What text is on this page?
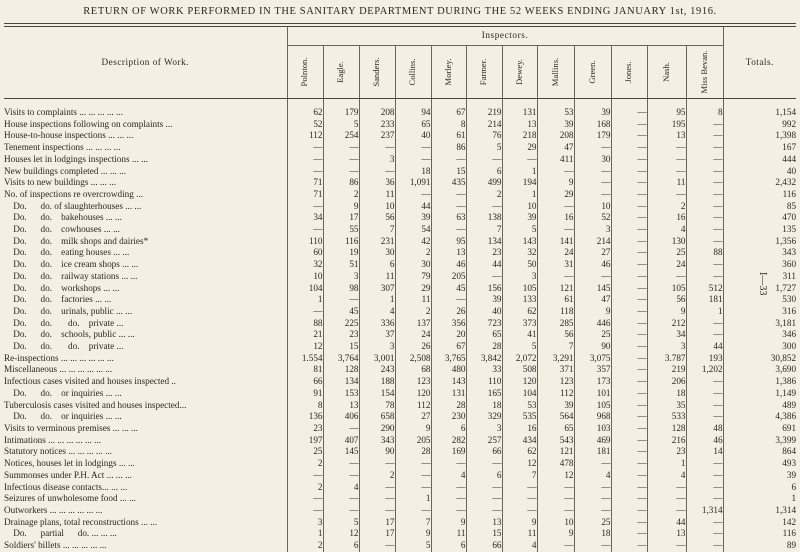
RETURN OF WORK PERFORMED IN THE SANITARY DEPARTMENT DURING THE 52 WEEKS ENDING JANUARY 1st, 1916.
Description of Work.	Inspectors.												Totals.

	Polnton.	Eagle.	Sanders.	Collins.	Morley.	Farmer.	Dewey.	Mallins.	Green.	Jones.	Nash.	Miss Bevan.	

Visits to complaints ... ... ... ... ...	62	179	208	94	67	219	131	53	39	—	95	8	1,154
House inspections following on complaints ...	52	5	233	65	8	214	13	39	168	—	195	—	992
House-to-house inspections ... ... ...	112	254	237	40	61	76	218	208	179	—	13	—	1,398
Tenement inspections ... ... ... ...	—	—	—	—	86	5	29	47	—	—	—	—	167
Houses let in lodgings inspections ... ...	—	—	3	—	—	—	—	411	30	—	—	—	444
New buildings completed ... ... ...	—	—	—	18	15	6	1	—	—	—	—	—	40
Visits to new buildings ... ... ...	71	86	36	1,091	435	499	194	9	—	—	11	—	2,432
No. of inspections re overcrowding ...	71	2	11	—	—	2	1	29	—	—	—	—	116
Do.      do. of slaughterhouses ... ...	—	9	10	44	—	—	10	—	10	—	2	—	85
Do.      do.    bakehouses ... ...	34	17	56	39	63	138	39	16	52	—	16	—	470
Do.      do.    cowhouses ... ...	—	55	7	54	—	7	5	—	3	—	4	—	135
Do.      do.    milk shops and dairies*	110	116	231	42	95	134	143	141	214	—	130	—	1,356
Do.      do.    eating houses ... ...	60	19	30	2	13	23	32	24	27	—	25	88	343
Do.      do.    ice cream shops ... ...	32	51	6	30	46	44	50	31	46	—	24	—	360
Do.      do.    railway stations ... ...	10	3	11	79	205	—	3	—	—	—	—	—	311
Do.      do.    workshops ... ...	104	98	307	29	45	156	105	121	145	—	105	512	1,727
Do.      do.    factories ... ...	1	—	1	11	—	39	133	61	47	—	56	181	530
Do.      do.    urinals, public ... ...	—	45	4	2	26	40	62	118	9	—	9	1	316
Do.      do.       do.    private ...	88	225	336	137	356	723	373	285	446	—	212	—	3,181
Do.      do.    schools, public ... ...	21	23	37	24	20	65	41	56	25	—	34	—	346
Do.      do.       do.    private ...	12	15	3	26	67	28	5	7	90	—	3	44	300
Re-inspections ... ... ... ... ... ...	1.554	3,764	3,001	2,508	3,765	3,842	2,072	3,291	3,075	—	3.787	193	30,852
Miscellaneous ... ... ... ... ... ...	81	128	243	68	480	33	508	371	357	—	219	1,202	3,690
Infectious cases visited and houses inspected ..	66	134	188	123	143	110	120	123	173	—	206	—	1,386
Do.      do.    or inquiries ... ...	91	153	154	120	131	165	104	112	101	—	18	—	1,149
Tuberculosis cases visited and houses inspected...	8	13	78	112	28	18	53	39	105	—	35	—	489
Do.      do.    or inquiries ... ...	136	406	658	27	230	329	535	564	968	—	533	—	4,386
Visits to verminous premises ... ... ...	23	—	290	9	6	3	16	65	103	—	128	48	691
Intimations ... ... ... ... ... ...	197	407	343	205	282	257	434	543	469	—	216	46	3,399
Statutory notices ... ... ... ... ...	25	145	90	28	169	66	62	121	181	—	23	14	864
Notices, houses let in lodgings ... ...	2	—	—	—	—	—	12	478	—	—	1	—	493
Summonses under P.H. Act ... ... ...	—	—	2	—	4	6	7	12	4	—	4	—	39
Infectious disease contacts... ... ...	2	4	—	—	—	—	—	—	—	—	—	—	6
Seizures of unwholesome food ... ...	—	—	—	1	—	—	—	—	—	—	—	—	1
Outworkers ... ... ... ... ... ...	—	—	—	—	—	—	—	—	—	—	—	1,314	1,314
Drainage plans, total reconstructions ... ...	3	5	17	7	9	13	9	10	25	—	44	—	142
Do.      partial      do. ... ... ...	1	12	17	9	11	15	11	9	18	—	13	—	116
Soldiers' billets ... ... ... ... ...	2	6	—	5	6	66	4	—	—	—	—	—	89
I—33
